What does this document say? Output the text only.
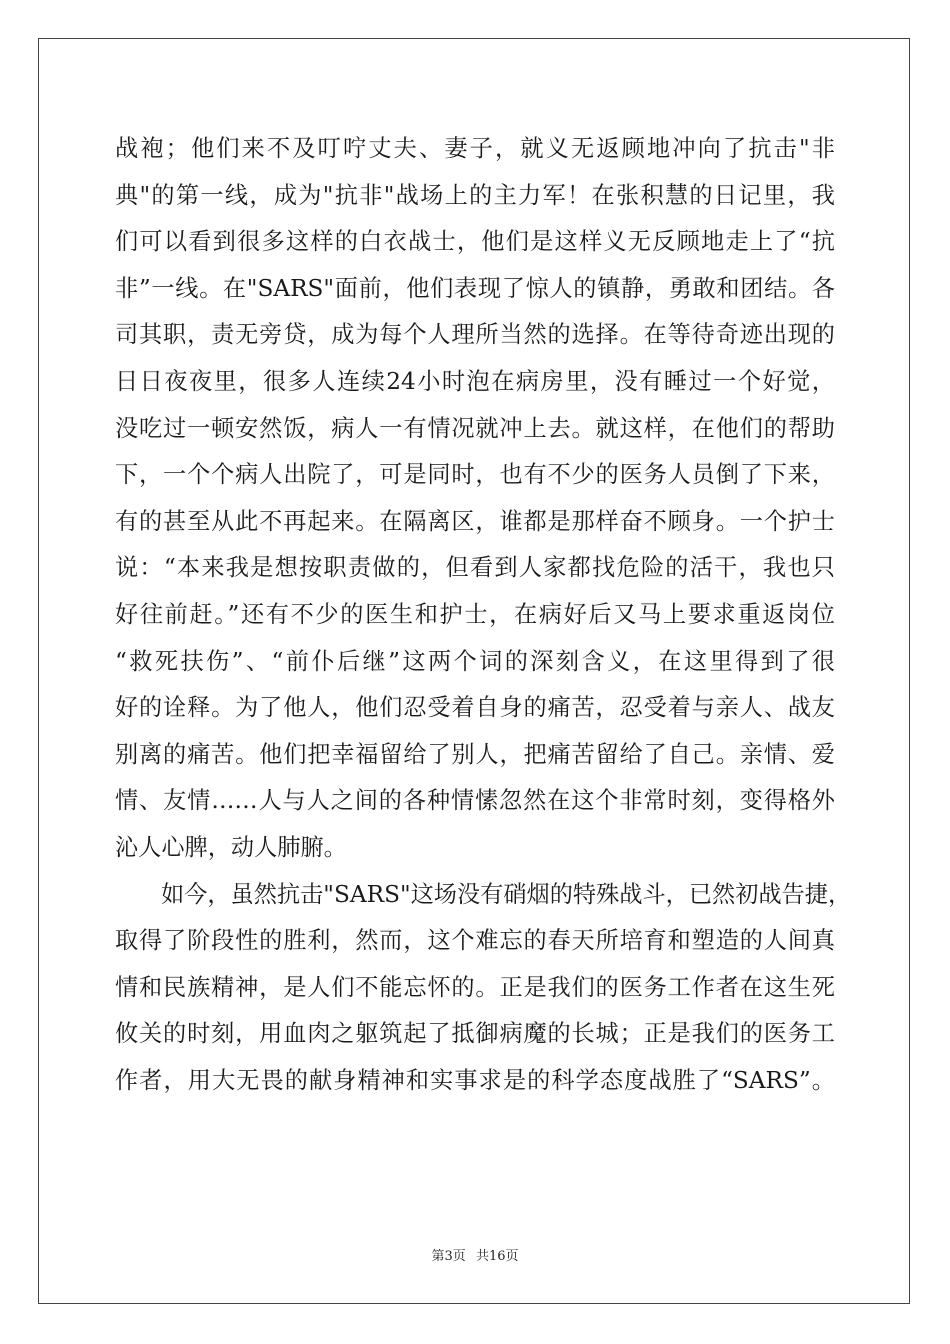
战袍；他们来不及叮咛丈夫、妻子，就义无返顾地冲向了抗击"非
典"的第一线，成为"抗非"战场上的主力军！在张积慧的日记里，我
们可以看到很多这样的白衣战士，他们是这样义无反顾地走上了“抗
非”一线。在"SARS"面前，他们表现了惊人的镇静，勇敢和团结。各
司其职，责无旁贷，成为每个人理所当然的选择。在等待奇迹出现的
日日夜夜里，很多人连续24小时泡在病房里，没有睡过一个好觉，
没吃过一顿安然饭，病人一有情况就冲上去。就这样，在他们的帮助
下，一个个病人出院了，可是同时，也有不少的医务人员倒了下来，
有的甚至从此不再起来。在隔离区，谁都是那样奋不顾身。一个护士
说：“本来我是想按职责做的，但看到人家都找危险的活干，我也只
好往前赶。”还有不少的医生和护士，在病好后又马上要求重返岗位
“救死扶伤”、“前仆后继”这两个词的深刻含义，在这里得到了很
好的诠释。为了他人，他们忍受着自身的痛苦，忍受着与亲人、战友
别离的痛苦。他们把幸福留给了别人，把痛苦留给了自己。亲情、爱
情、友情……人与人之间的各种情愫忽然在这个非常时刻，变得格外
沁人心脾，动人肺腑。
如今，虽然抗击"SARS"这场没有硝烟的特殊战斗，已然初战告捷，
取得了阶段性的胜利，然而，这个难忘的春天所培育和塑造的人间真
情和民族精神，是人们不能忘怀的。正是我们的医务工作者在这生死
攸关的时刻，用血肉之躯筑起了抵御病魔的长城；正是我们的医务工
作者，用大无畏的献身精神和实事求是的科学态度战胜了“SARS”。
第3页 共16页
